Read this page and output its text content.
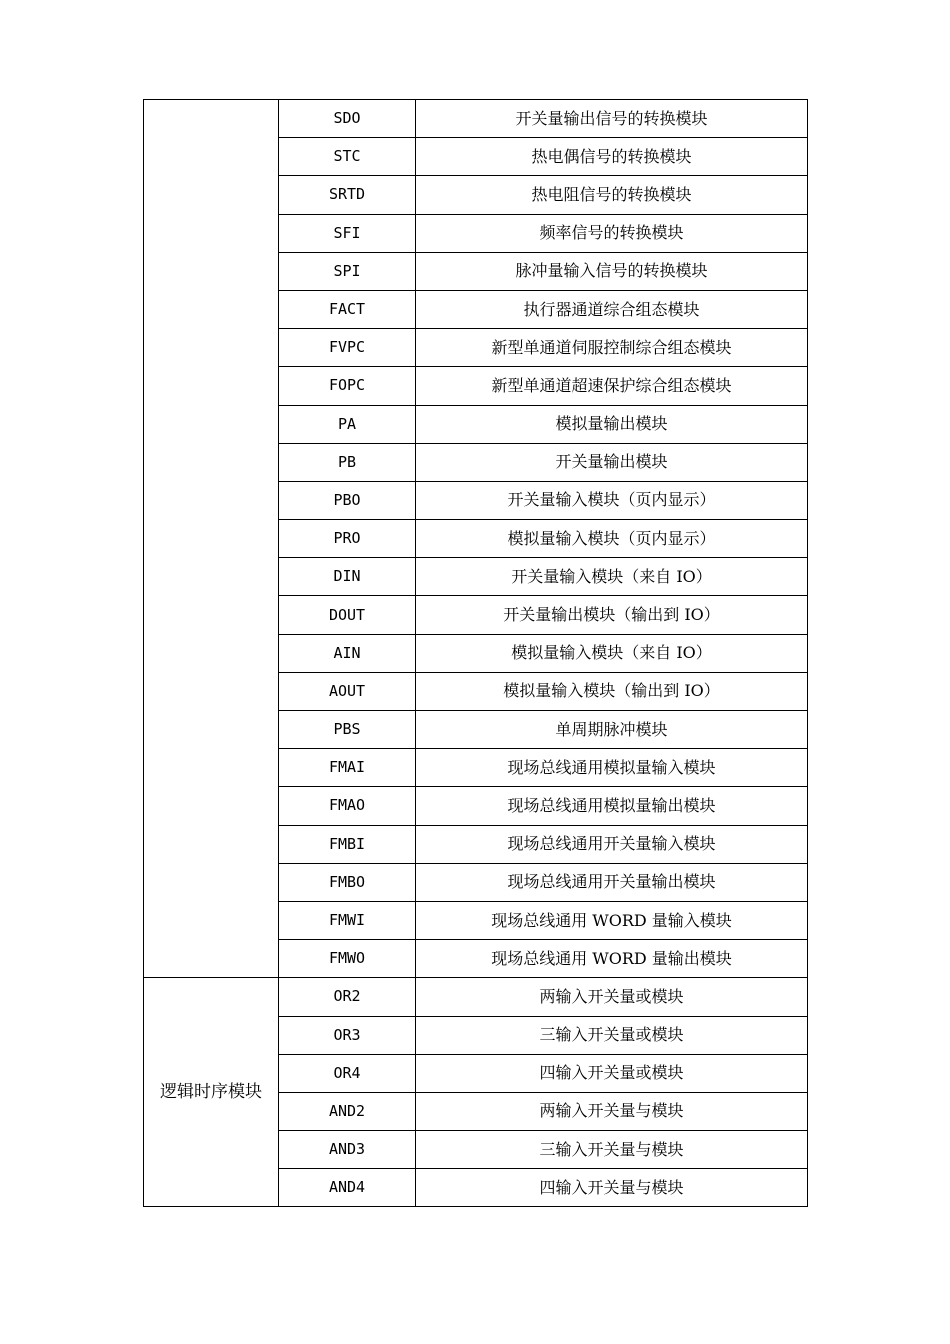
	SDO	开关量输出信号的转换模块
	STC	热电偶信号的转换模块
	SRTD	热电阻信号的转换模块
	SFI	频率信号的转换模块
	SPI	脉冲量输入信号的转换模块
	FACT	执行器通道综合组态模块
	FVPC	新型单通道伺服控制综合组态模块
	FOPC	新型单通道超速保护综合组态模块
	PA	模拟量输出模块
	PB	开关量输出模块
	PBO	开关量输入模块（页内显示）
	PRO	模拟量输入模块（页内显示）
	DIN	开关量输入模块（来自 IO）
	DOUT	开关量输出模块（输出到 IO）
	AIN	模拟量输入模块（来自 IO）
	AOUT	模拟量输入模块（输出到 IO）
	PBS	单周期脉冲模块
	FMAI	现场总线通用模拟量输入模块
	FMAO	现场总线通用模拟量输出模块
	FMBI	现场总线通用开关量输入模块
	FMBO	现场总线通用开关量输出模块
	FMWI	现场总线通用 WORD 量输入模块
	FMWO	现场总线通用 WORD 量输出模块
逻辑时序模块	OR2	两输入开关量或模块
	OR3	三输入开关量或模块
	OR4	四输入开关量或模块
	AND2	两输入开关量与模块
	AND3	三输入开关量与模块
	AND4	四输入开关量与模块
